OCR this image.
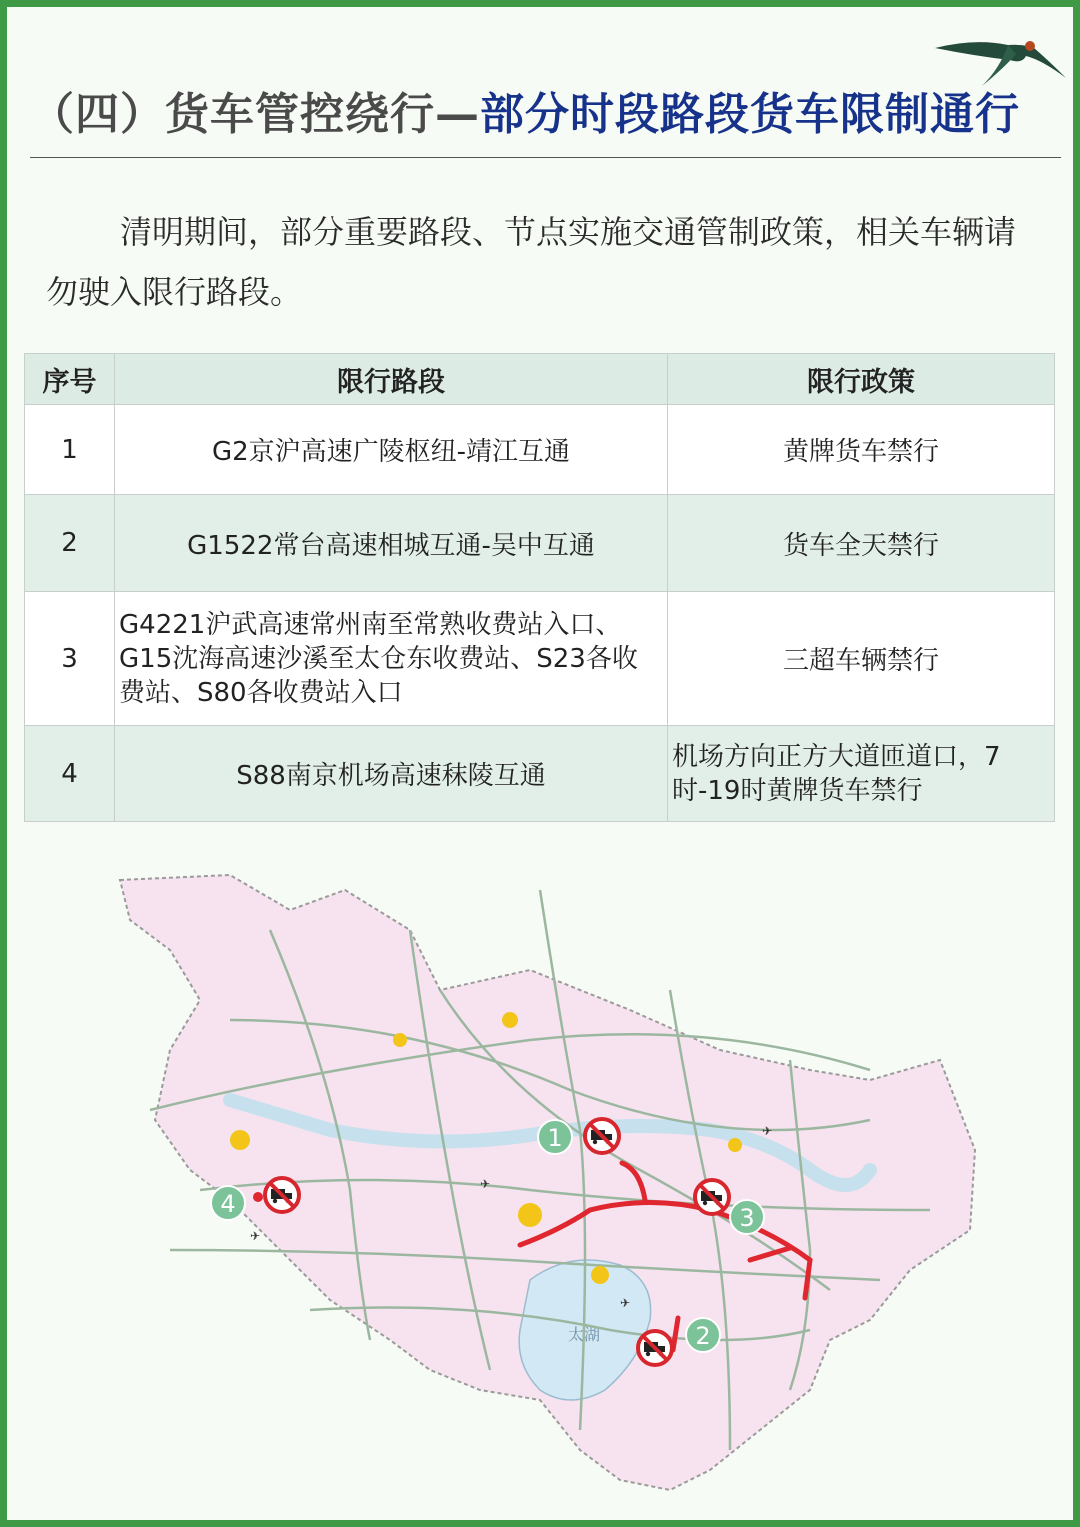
（四）货车管控绕行—部分时段路段货车限制通行

清明期间，部分重要路段、节点实施交通管制政策，相关车辆请勿驶入限行路段。

序号	限行路段	限行政策
1	G2京沪高速广陵枢纽-靖江互通	黄牌货车禁行
2	G1522常台高速相城互通-吴中互通	货车全天禁行
3	G4221沪武高速常州南至常熟收费站入口、G15沈海高速沙溪至太仓东收费站、S23各收费站、S80各收费站入口	三超车辆禁行
4	S88南京机场高速秣陵互通	机场方向正方大道匝道口，7时-19时黄牌货车禁行
太湖
1
3
2
4
✈
✈
✈
✈
